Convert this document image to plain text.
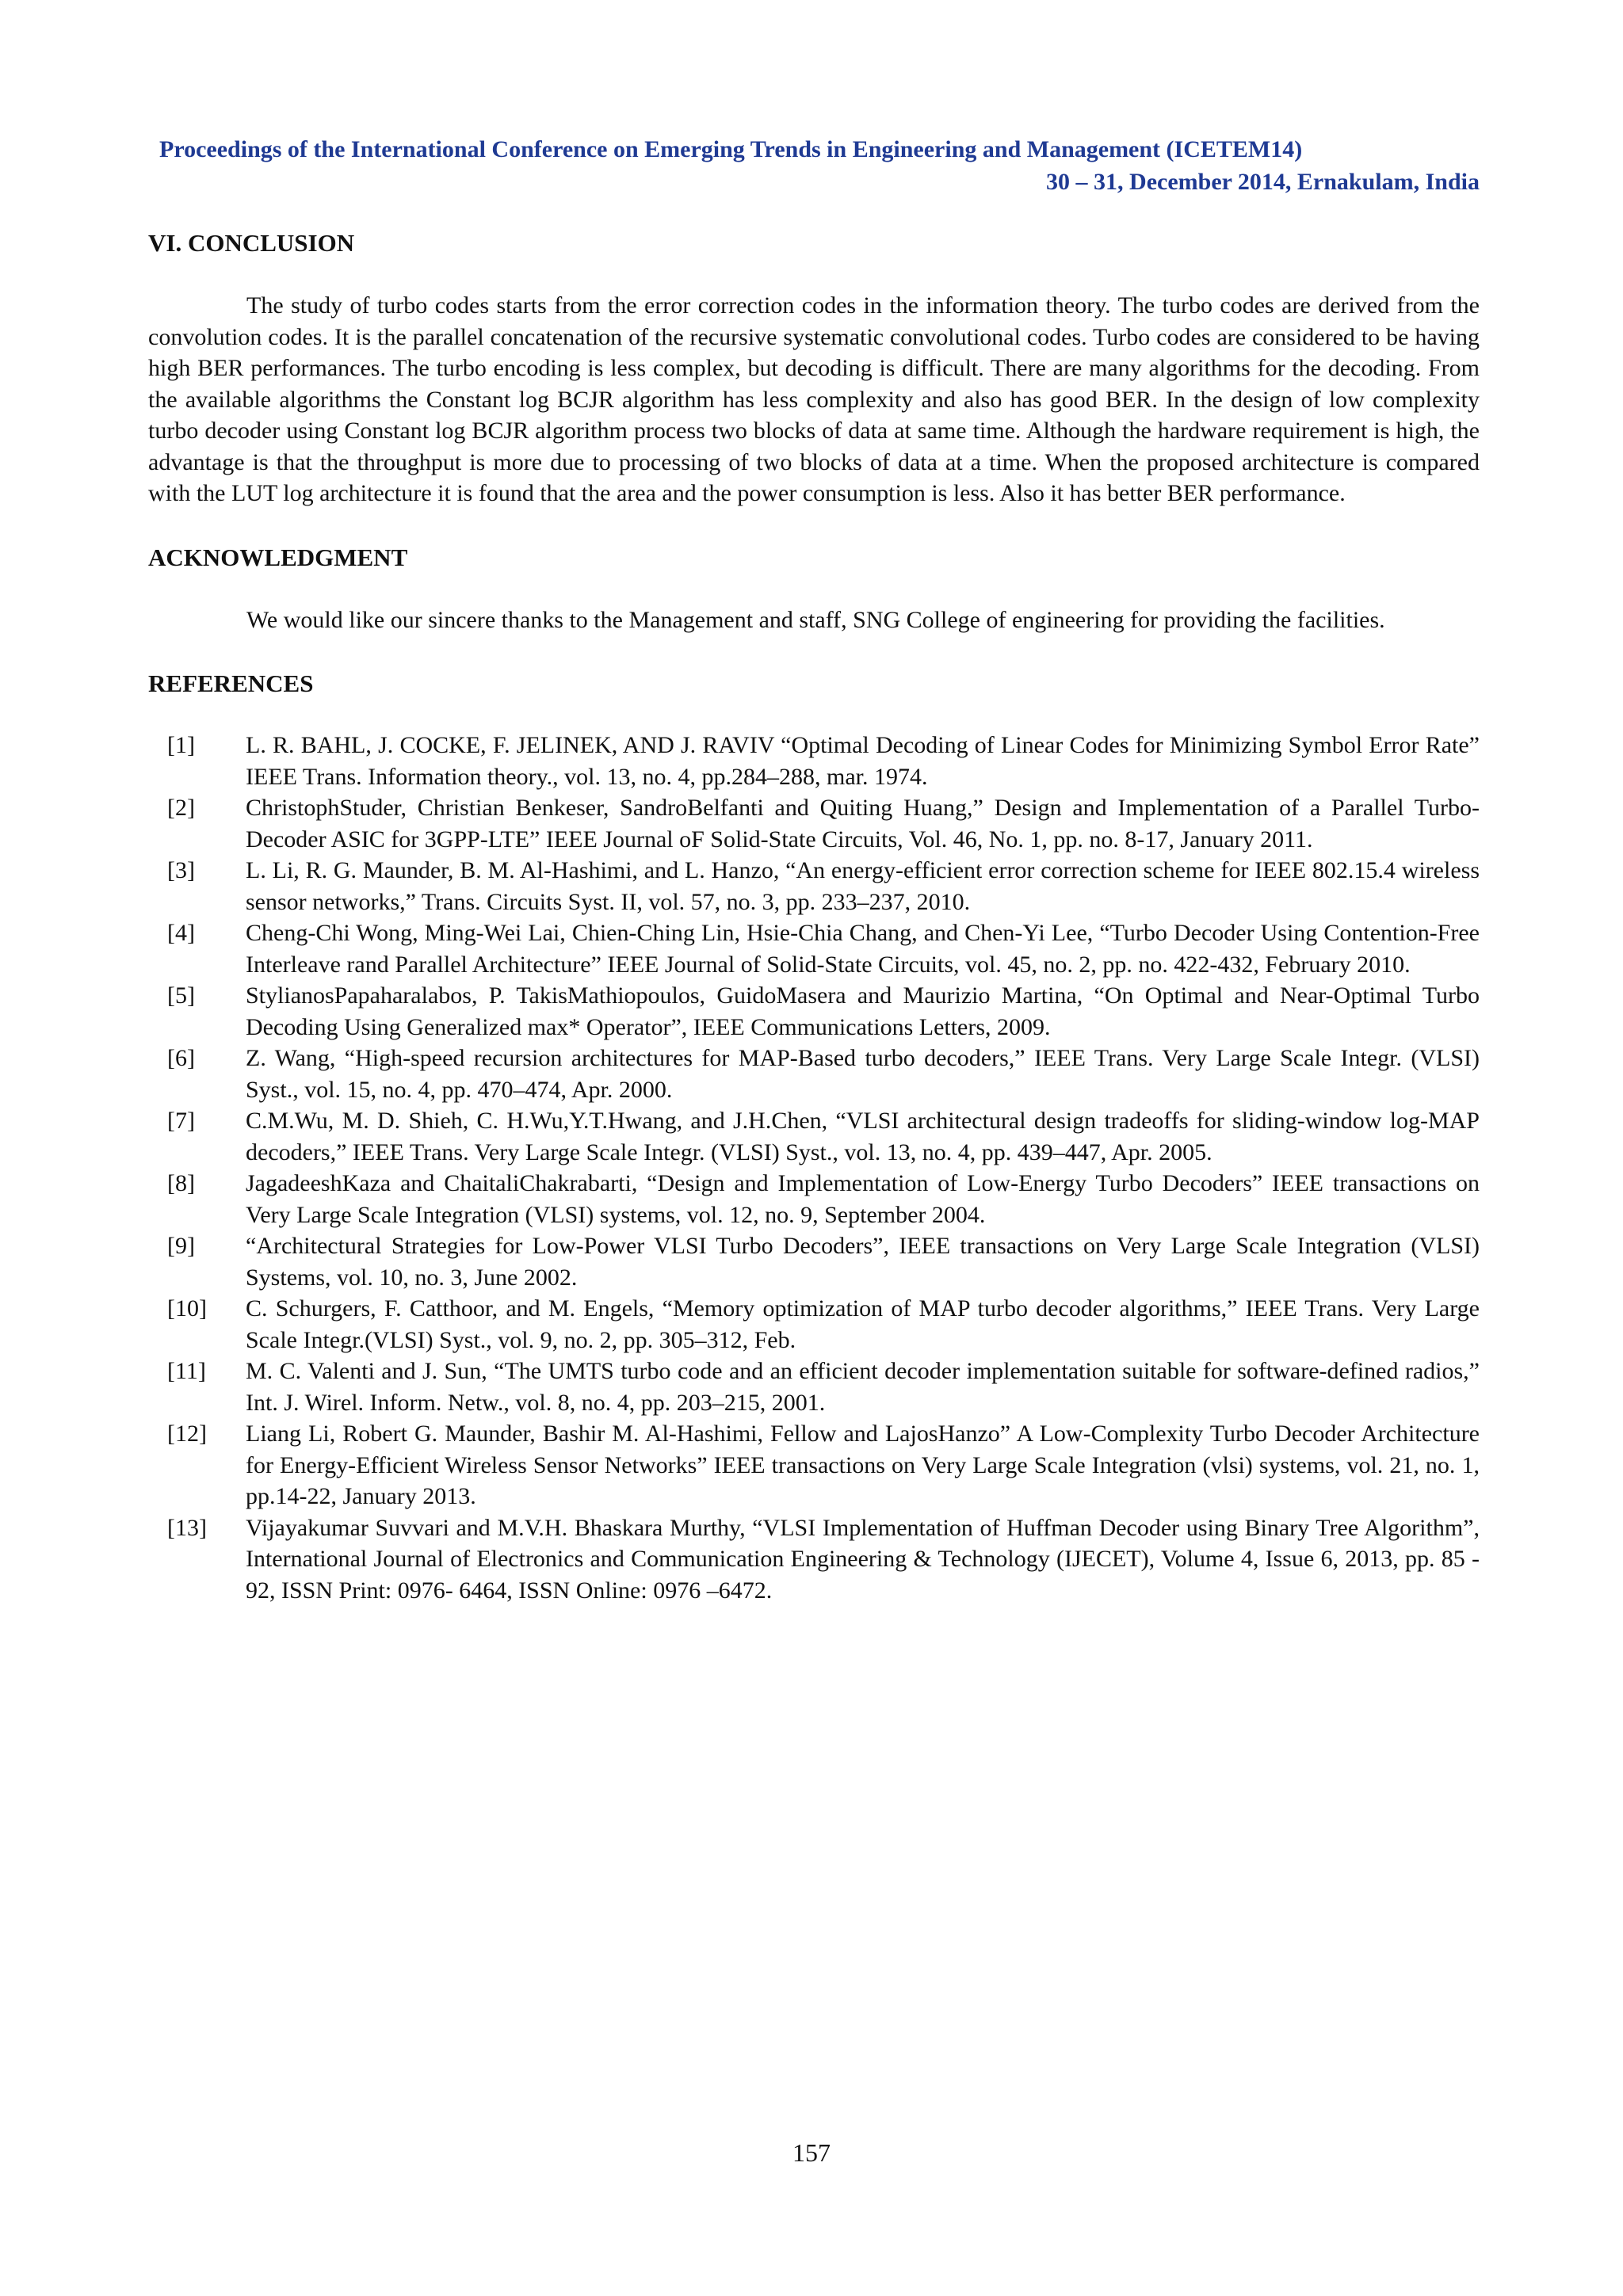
Proceedings of the International Conference on Emerging Trends in Engineering and Management (ICETEM14)
30 – 31, December 2014, Ernakulam, India
VI. CONCLUSION

The study of turbo codes starts from the error correction codes in the information theory. The turbo codes are derived from the convolution codes. It is the parallel concatenation of the recursive systematic convolutional codes. Turbo codes are considered to be having high BER performances. The turbo encoding is less complex, but decoding is difficult. There are many algorithms for the decoding. From the available algorithms the Constant log BCJR algorithm has less complexity and also has good BER. In the design of low complexity turbo decoder using Constant log BCJR algorithm process two blocks of data at same time. Although the hardware requirement is high, the advantage is that the throughput is more due to processing of two blocks of data at a time. When the proposed architecture is compared with the LUT log architecture it is found that the area and the power consumption is less. Also it has better BER performance.

ACKNOWLEDGMENT

We would like our sincere thanks to the Management and staff, SNG College of engineering for providing the facilities.

REFERENCES
[1]	L. R. BAHL, J. COCKE, F. JELINEK, AND J. RAVIV “Optimal Decoding of Linear Codes for Minimizing Symbol Error Rate” IEEE Trans. Information theory., vol. 13, no. 4, pp.284–288, mar. 1974.
[2]	ChristophStuder, Christian Benkeser, SandroBelfanti and Quiting Huang,” Design and Implementation of a Parallel Turbo-Decoder ASIC for 3GPP-LTE” IEEE Journal oF Solid-State Circuits, Vol. 46, No. 1, pp. no. 8-17, January 2011.
[3]	L. Li, R. G. Maunder, B. M. Al-Hashimi, and L. Hanzo, “An energy-efficient error correction scheme for IEEE 802.15.4 wireless sensor networks,” Trans. Circuits Syst. II, vol. 57, no. 3, pp. 233–237, 2010.
[4]	Cheng-Chi Wong, Ming-Wei Lai, Chien-Ching Lin, Hsie-Chia Chang, and Chen-Yi Lee, “Turbo Decoder Using Contention-Free Interleave rand Parallel Architecture” IEEE Journal of Solid-State Circuits, vol. 45, no. 2, pp. no. 422-432, February 2010.
[5]	StylianosPapaharalabos, P. TakisMathiopoulos, GuidoMasera and Maurizio Martina, “On Optimal and Near-Optimal Turbo Decoding Using Generalized max* Operator”, IEEE Communications Letters, 2009.
[6]	Z. Wang, “High-speed recursion architectures for MAP-Based turbo decoders,” IEEE Trans. Very Large Scale Integr. (VLSI) Syst., vol. 15, no. 4, pp. 470–474, Apr. 2000.
[7]	C.M.Wu, M. D. Shieh, C. H.Wu,Y.T.Hwang, and J.H.Chen, “VLSI architectural design tradeoffs for sliding-window log-MAP decoders,” IEEE Trans. Very Large Scale Integr. (VLSI) Syst., vol. 13, no. 4, pp. 439–447, Apr. 2005.
[8]	JagadeeshKaza and ChaitaliChakrabarti, “Design and Implementation of Low-Energy Turbo Decoders” IEEE transactions on Very Large Scale Integration (VLSI) systems, vol. 12, no. 9, September 2004.
[9]	“Architectural Strategies for Low-Power VLSI Turbo Decoders”, IEEE transactions on Very Large Scale Integration (VLSI) Systems, vol. 10, no. 3, June 2002.
[10]	C. Schurgers, F. Catthoor, and M. Engels, “Memory optimization of MAP turbo decoder algorithms,” IEEE Trans. Very Large Scale Integr.(VLSI) Syst., vol. 9, no. 2, pp. 305–312, Feb.
[11]	M. C. Valenti and J. Sun, “The UMTS turbo code and an efficient decoder implementation suitable for software-defined radios,” Int. J. Wirel. Inform. Netw., vol. 8, no. 4, pp. 203–215, 2001.
[12]	Liang Li, Robert G. Maunder, Bashir M. Al-Hashimi, Fellow and LajosHanzo” A Low-Complexity Turbo Decoder Architecture for Energy-Efficient Wireless Sensor Networks” IEEE transactions on Very Large Scale Integration (vlsi) systems, vol. 21, no. 1, pp.14-22, January 2013.
[13]	Vijayakumar Suvvari and M.V.H. Bhaskara Murthy, “VLSI Implementation of Huffman Decoder using Binary Tree Algorithm”, International Journal of Electronics and Communication Engineering & Technology (IJECET), Volume 4, Issue 6, 2013, pp. 85 - 92, ISSN Print: 0976- 6464, ISSN Online: 0976 –6472.
157
